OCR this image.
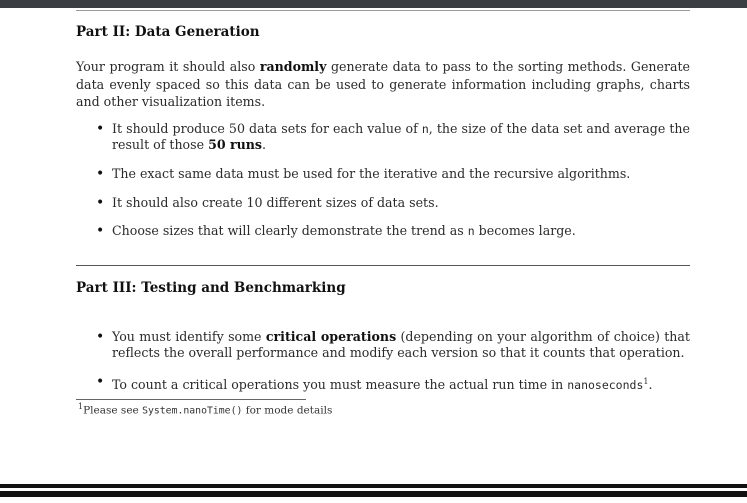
Part II: Data Generation

Your program it should also randomly generate data to pass to the sorting methods. Generate data evenly spaced so this data can be used to generate information including graphs, charts and other visualization items.

• It should produce 50 data sets for each value of n, the size of the data set and average the result of those 50 runs.

• The exact same data must be used for the iterative and the recursive algorithms.

• It should also create 10 different sizes of data sets.

• Choose sizes that will clearly demonstrate the trend as n becomes large.

Part III: Testing and Benchmarking

• You must identify some critical operations (depending on your algorithm of choice) that reflects the overall performance and modify each version so that it counts that operation.

• To count a critical operations you must measure the actual run time in nanoseconds$^1$.

$^1$Please see System.nanoTime() for mode details
